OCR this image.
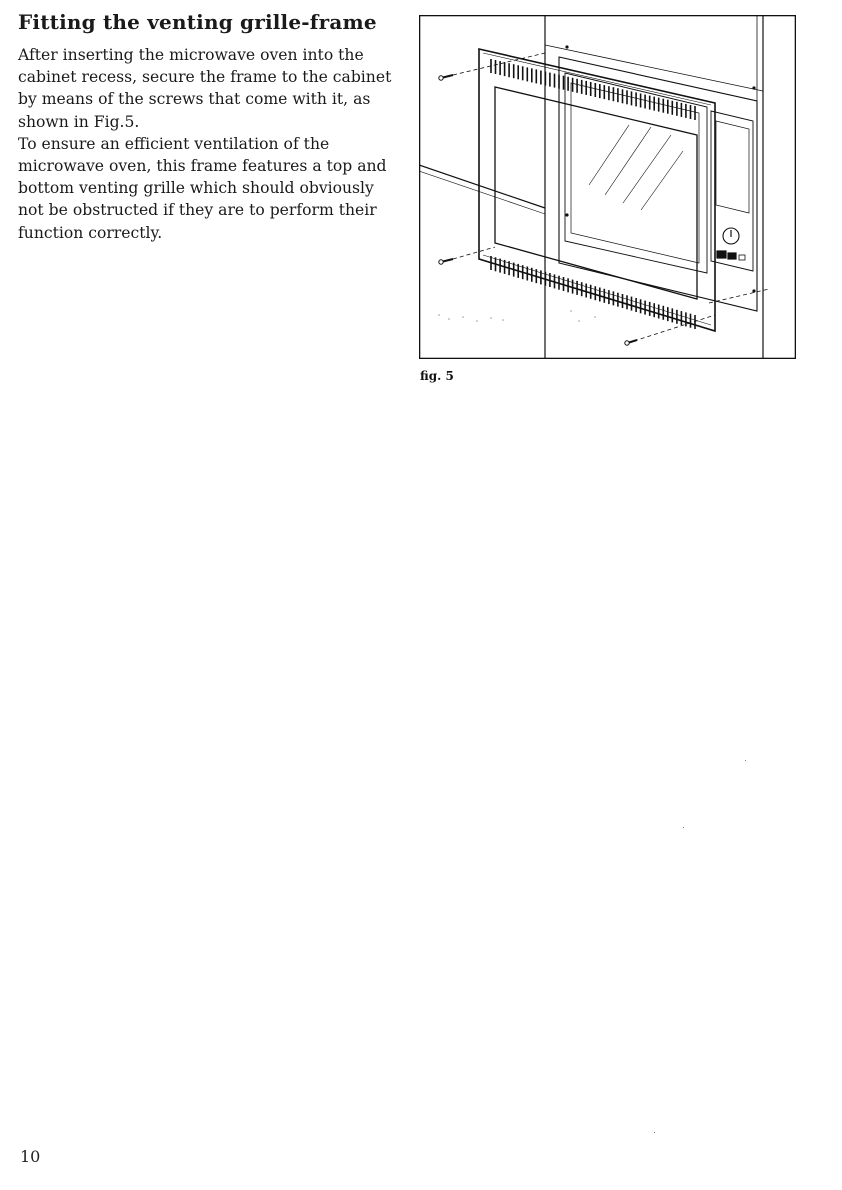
Fitting the venting grille-frame

After inserting the microwave oven into the cabinet recess, secure the frame to the cabinet by means of the screws that come with it, as shown in Fig.5.

To ensure an efficient ventilation of the microwave oven, this frame features a top and bottom venting grille which should obviously not be obstructed if they are to perform their function correctly.

fig. 5

10
